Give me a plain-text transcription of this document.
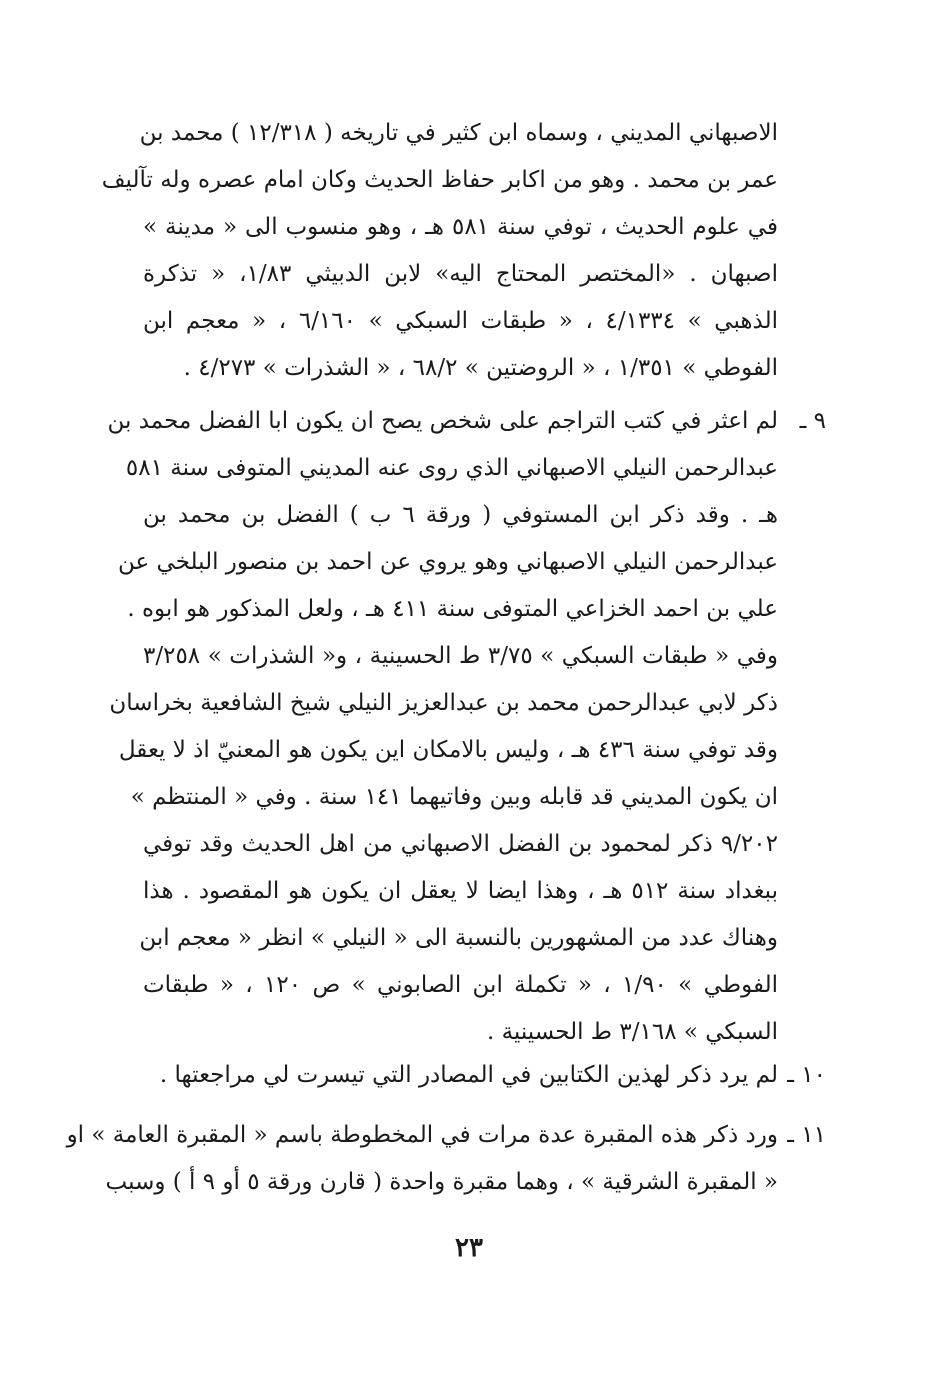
الاصبهاني المديني ، وسماه ابن كثير في تاريخه ( ١٢/٣١٨ ) محمد بن
عمر بن محمد . وهو من اكابر حفاظ الحديث وكان امام عصره وله تآليف
في علوم الحديث ، توفي سنة ٥٨١ هـ ، وهو منسوب الى « مدينة »
اصبهان . «المختصر المحتاج اليه» لابن الدبيثي ١/٨٣، « تذكرة
الذهبي » ٤/١٣٣٤ ، « طبقات السبكي » ٦/١٦٠ ، « معجم ابن
الفوطي » ١/٣٥١ ، « الروضتين » ٦٨/٢ ، « الشذرات » ٤/٢٧٣ .
٩ ـ
لم اعثر في كتب التراجم على شخص يصح ان يكون ابا الفضل محمد بن
عبدالرحمن النيلي الاصبهاني الذي روى عنه المديني المتوفى سنة ٥٨١
هـ . وقد ذكر ابن المستوفي ( ورقة ٦ ب ) الفضل بن محمد بن
عبدالرحمن النيلي الاصبهاني وهو يروي عن احمد بن منصور البلخي عن
علي بن احمد الخزاعي المتوفى سنة ٤١١ هـ ، ولعل المذكور هو ابوه .
وفي « طبقات السبكي » ٣/٧٥ ط الحسينية ، و« الشذرات » ٣/٢٥٨
ذكر لابي عبدالرحمن محمد بن عبدالعزيز النيلي شيخ الشافعية بخراسان
وقد توفي سنة ٤٣٦ هـ ، وليس بالامكان اين يكون هو المعنيّ اذ لا يعقل
ان يكون المديني قد قابله وبين وفاتيهما ١٤١ سنة . وفي « المنتظم »
٩/٢٠٢ ذكر لمحمود بن الفضل الاصبهاني من اهل الحديث وقد توفي
ببغداد سنة ٥١٢ هـ ، وهذا ايضا لا يعقل ان يكون هو المقصود . هذا
وهناك عدد من المشهورين بالنسبة الى « النيلي » انظر « معجم ابن
الفوطي » ١/٩٠ ، « تكملة ابن الصابوني » ص ١٢٠ ، « طبقات
السبكي » ٣/١٦٨ ط الحسينية .
١٠ ـ
لم يرد ذكر لهذين الكتابين في المصادر التي تيسرت لي مراجعتها .
١١ ـ
ورد ذكر هذه المقبرة عدة مرات في المخطوطة باسم « المقبرة العامة » او
« المقبرة الشرقية » ، وهما مقبرة واحدة ( قارن ورقة ٥ أو ٩ أ ) وسبب
٢٣
